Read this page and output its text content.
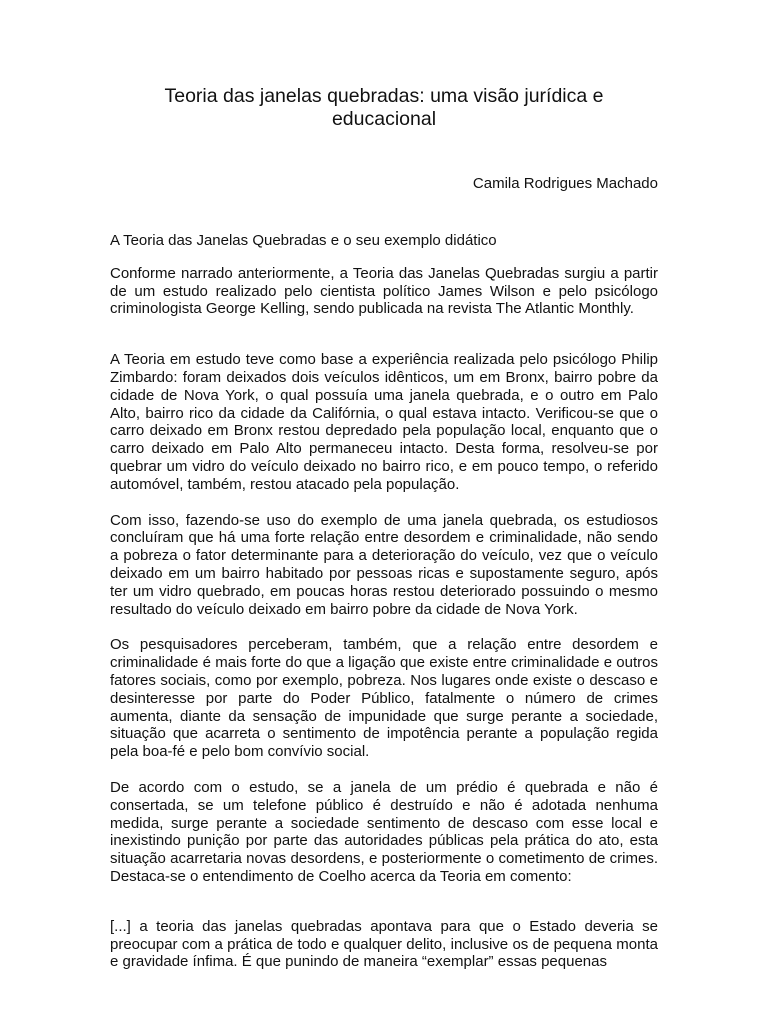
Teoria das janelas quebradas: uma visão jurídica e educacional

Camila Rodrigues Machado

A Teoria das Janelas Quebradas e o seu exemplo didático

Conforme narrado anteriormente, a Teoria das Janelas Quebradas surgiu a partir de um estudo realizado pelo cientista político James Wilson e pelo psicólogo criminologista George Kelling, sendo publicada na revista The Atlantic Monthly.

A Teoria em estudo teve como base a experiência realizada pelo psicólogo Philip Zimbardo: foram deixados dois veículos idênticos, um em Bronx, bairro pobre da cidade de Nova York, o qual possuía uma janela quebrada, e o outro em Palo Alto, bairro rico da cidade da Califórnia, o qual estava intacto. Verificou-se que o carro deixado em Bronx restou depredado pela população local, enquanto que o carro deixado em Palo Alto permaneceu intacto. Desta forma, resolveu-se por quebrar um vidro do veículo deixado no bairro rico, e em pouco tempo, o referido automóvel, também, restou atacado pela população.

Com isso, fazendo-se uso do exemplo de uma janela quebrada, os estudiosos concluíram que há uma forte relação entre desordem e criminalidade, não sendo a pobreza o fator determinante para a deterioração do veículo, vez que o veículo deixado em um bairro habitado por pessoas ricas e supostamente seguro, após ter um vidro quebrado, em poucas horas restou deteriorado possuindo o mesmo resultado do veículo deixado em bairro pobre da cidade de Nova York.

Os pesquisadores perceberam, também, que a relação entre desordem e criminalidade é mais forte do que a ligação que existe entre criminalidade e outros fatores sociais, como por exemplo, pobreza. Nos lugares onde existe o descaso e desinteresse por parte do Poder Público, fatalmente o número de crimes aumenta, diante da sensação de impunidade que surge perante a sociedade, situação que acarreta o sentimento de impotência perante a população regida pela boa-fé e pelo bom convívio social.

De acordo com o estudo, se a janela de um prédio é quebrada e não é consertada, se um telefone público é destruído e não é adotada nenhuma medida, surge perante a sociedade sentimento de descaso com esse local e inexistindo punição por parte das autoridades públicas pela prática do ato, esta situação acarretaria novas desordens, e posteriormente o cometimento de crimes. Destaca-se o entendimento de Coelho acerca da Teoria em comento:

[...] a teoria das janelas quebradas apontava para que o Estado deveria se preocupar com a prática de todo e qualquer delito, inclusive os de pequena monta e gravidade ínfima. É que punindo de maneira “exemplar” essas pequenas
